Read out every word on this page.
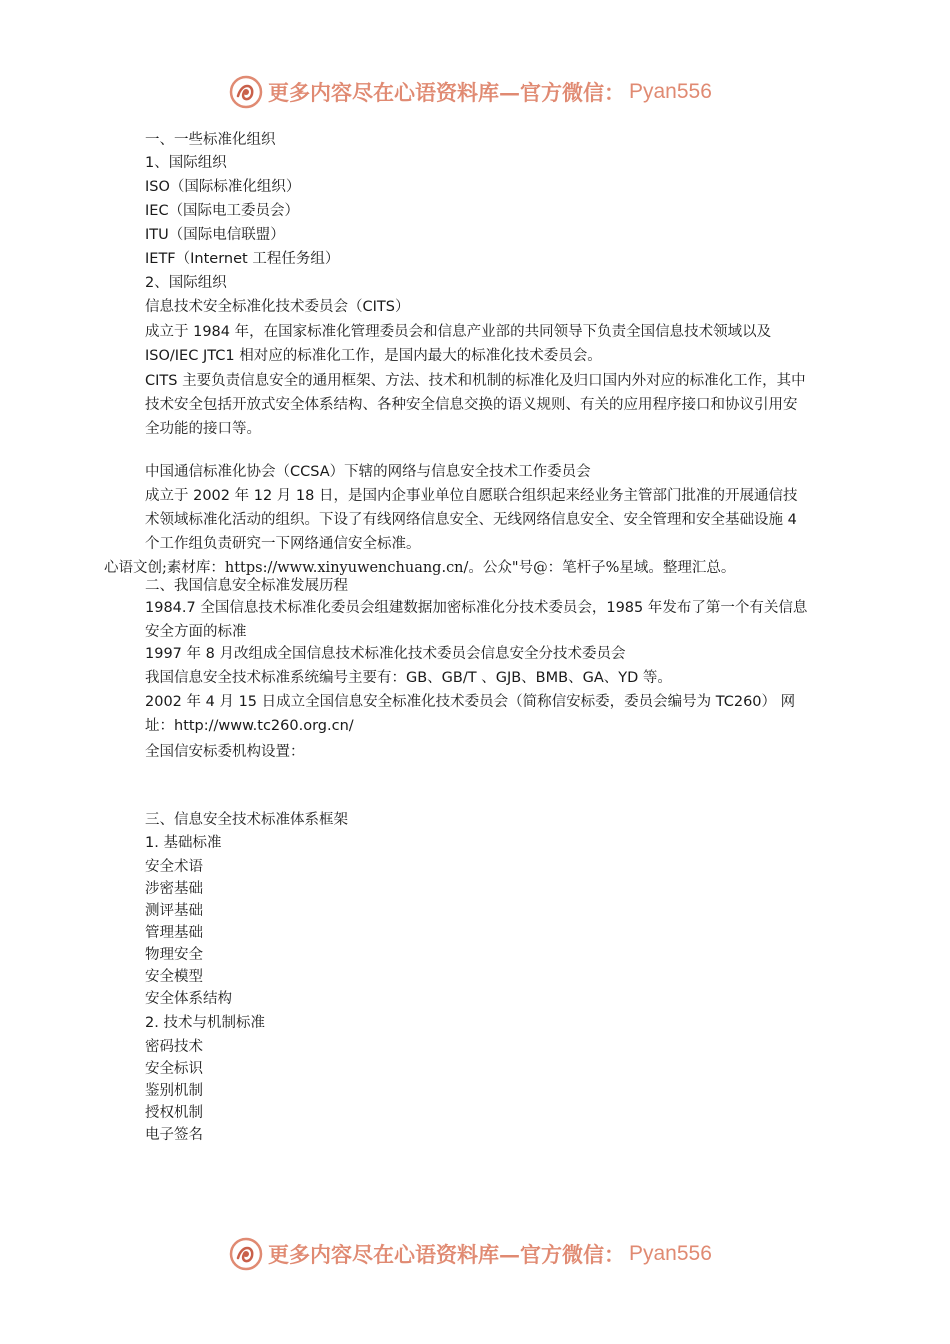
更多内容尽在心语资料库—官方微信： Pyan556
一、一些标准化组织
1、国际组织
ISO（国际标准化组织）
IEC（国际电工委员会）
ITU（国际电信联盟）
IETF（Internet 工程任务组）
2、国际组织
信息技术安全标准化技术委员会（CITS）
成立于 1984 年，在国家标准化管理委员会和信息产业部的共同领导下负责全国信息技术领域以及 ISO/IEC JTC1 相对应的标准化工作，是国内最大的标准化技术委员会。
CITS 主要负责信息安全的通用框架、方法、技术和机制的标准化及归口国内外对应的标准化工作，其中技术安全包括开放式安全体系结构、各种安全信息交换的语义规则、有关的应用程序接口和协议引用安全功能的接口等。
中国通信标准化协会（CCSA）下辖的网络与信息安全技术工作委员会
成立于 2002 年 12 月 18 日，是国内企事业单位自愿联合组织起来经业务主管部门批准的开展通信技术领域标准化活动的组织。下设了有线网络信息安全、无线网络信息安全、安全管理和安全基础设施 4 个工作组负责研究一下网络通信安全标准。
二、我国信息安全标准发展历程
1984.7 全国信息技术标准化委员会组建数据加密标准化分技术委员会，1985 年发布了第一个有关信息安全方面的标准
1997 年 8 月改组成全国信息技术标准化技术委员会信息安全分技术委员会
我国信息安全技术标准系统编号主要有：GB、GB/T 、GJB、BMB、GA、YD 等。
2002 年 4 月 15 日成立全国信息安全标准化技术委员会（简称信安标委，委员会编号为 TC260） 网址：http://www.tc260.org.cn/
全国信安标委机构设置：
三、信息安全技术标准体系框架
1. 基础标准
安全术语
涉密基础
测评基础
管理基础
物理安全
安全模型
安全体系结构
2. 技术与机制标准
密码技术
安全标识
鉴别机制
授权机制
电子签名
心语文创;素材库：https://www.xinyuwenchuang.cn/。公众"号@：笔杆子%星域。整理汇总。
更多内容尽在心语资料库—官方微信： Pyan556
